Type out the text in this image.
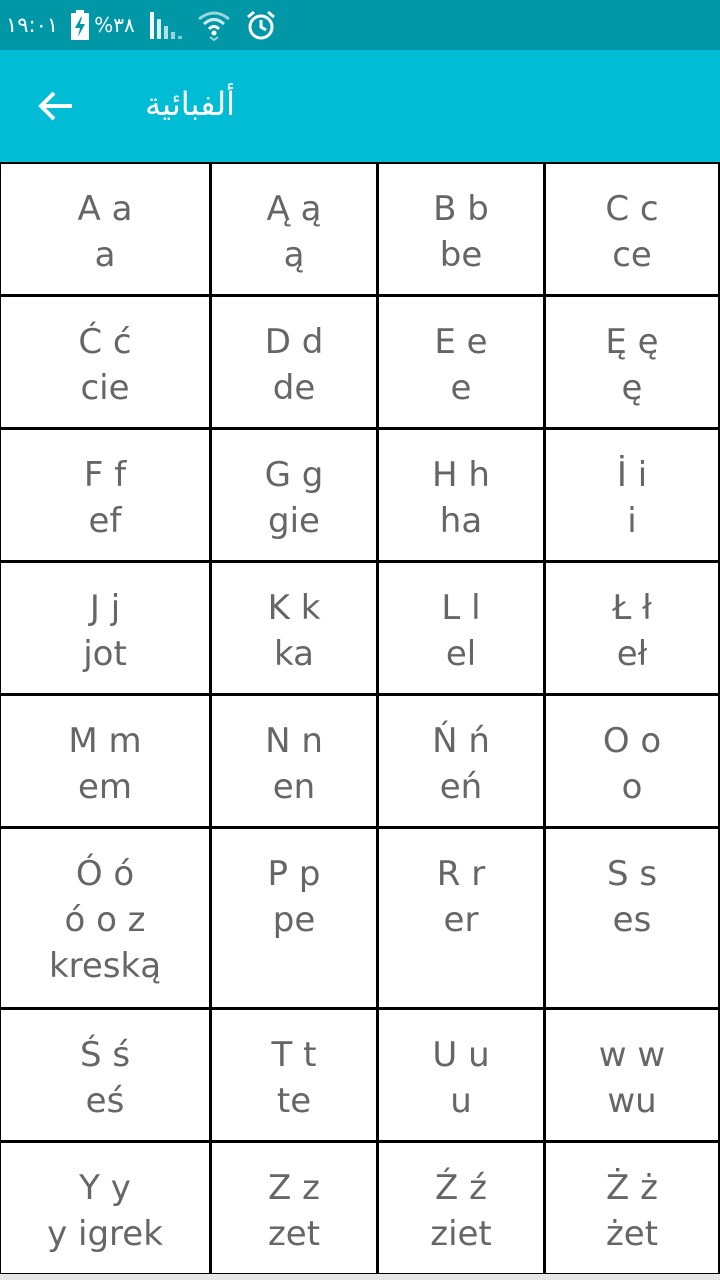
١٩:٠١ %٣٨
ألفبائية
A a
a
Ą ą
ą
B b
be
C c
ce
Ć ć
cie
D d
de
E e
e
Ę ę
ę
F f
ef
G g
gie
H h
ha
İ i
i
J j
jot
K k
ka
L l
el
Ł ł
eł
M m
em
N n
en
Ń ń
eń
O o
o
Ó ó
ó o z
kreską
P p
pe
R r
er
S s
es
Ś ś
eś
T t
te
U u
u
w w
wu
Y y
y igrek
Z z
zet
Ź ź
ziet
Ż ż
żet
